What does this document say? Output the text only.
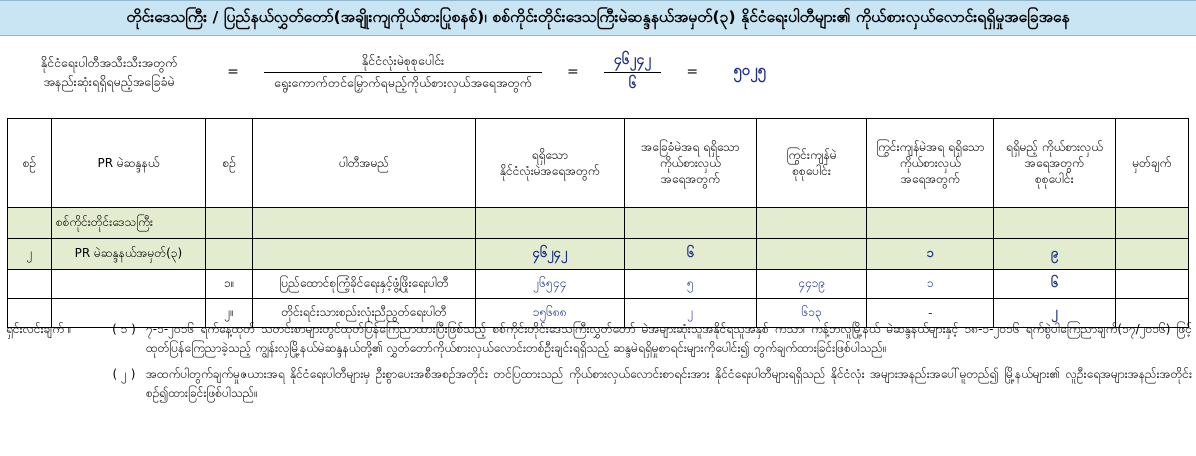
တိုင်းဒေသကြီး / ပြည်နယ်လွှတ်တော်(အချိုးကျကိုယ်စားပြုစနစ်)၊ စစ်ကိုင်းတိုင်းဒေသကြီးမဲဆန္ဒနယ်အမှတ်(၃) နိုင်ငံရေးပါတီများ၏ ကိုယ်စားလှယ်လောင်းရရှိမှုအခြေအနေ
နိုင်ငံရေးပါတီအသီးသီးအတွက်
အနည်းဆုံးရရှိရမည့်အခြေခံမဲ
=	$\frac{\text{နိုင်ငံလုံးမဲစုစုပေါင်း}}{\text{ရွေးကောက်တင်မြှောက်ရမည့်ကိုယ်စားလှယ်အရေအတွက်}}$	=	$\frac{၄၆၂၄၂}{၆}$	=	၅၀၂၅
စဉ်	PR မဲဆန္ဒနယ်	စဉ်	ပါတီအမည်	ရရှိသော
နိုင်ငံလုံးမဲအရေအတွက်	အခြေခံမဲအရ ရရှိသော
ကိုယ်စားလှယ်
အရေအတွက်	ကြွင်းကျန်မဲ
စုစုပေါင်း	ကြွင်းကျန်မဲအရ ရရှိသော
ကိုယ်စားလှယ်
အရေအတွက်	ရရှိမည့် ကိုယ်စားလှယ်
အရေအတွက်
စုစုပေါင်း	မှတ်ချက်
	စစ်ကိုင်းတိုင်းဒေသကြီး								
၂	PR မဲဆန္ဒနယ်အမှတ်(၃)			၄၆၂၄၂	၆		၁	၉	
		၁။	ပြည်ထောင်စုကြံ့ခိုင်ရေးနှင့်ဖွံ့ဖြိုးရေးပါတီ	၂၆၅၄၄	၅	၄၄၁၉	၁	၆	
		၂။	တိုင်းရင်းသားစည်းလုံးညီညွတ်ရေးပါတီ	၁၅၆၈၈	၂	၆၁၃	-	၂	
ရှင်းလင်းချက် ။	( ၁ ) ၇-၁-၂၀၁၆ ရက်နေ့ထုတ် သတင်းစာများတွင်ထုတ်ပြန်ကြေညာထားပြီးဖြစ်သည့် စစ်ကိုင်းတိုင်းဒေသကြီးလွှတ်တော် မဲအများဆုံးသူအနိုင်ရသူအနှစ် ကသာ၊ ကန့်ဘလူမြို့နယ် မဲဆန္ဒနယ်များနှင့် ၁၈-၁-၂၀၁၆ ရက်စွဲပါကြေညာချက်(၁၇/၂၀၁၆) ဖြင့် ထုတ်ပြန်ကြေညာခဲ့သည့် ကျွန်းလှမြို့နယ်မဲဆန္ဒနယ်တို့၏ လွှတ်တော်ကိုယ်စားလှယ်လောင်းတစ်ဦးချင်းရရှိသည့် ဆန္ဒမဲရရှိမှုစာရင်းများကိုပေါင်း၍ တွက်ချက်ထားခြင်းဖြစ်ပါသည်။
( ၂ ) အထက်ပါတွက်ချက်မှုဇယားအရ နိုင်ငံရေးပါတီများမှ ဦးစွာပေးအစီအစဉ်အတိုင်း တင်ပြထားသည် ကိုယ်စားလှယ်လောင်းစာရင်းအား နိုင်ငံရေးပါတီများရရှိသည် နိုင်ငံလုံး အများအနည်းအပေါ်မူတည်၍ မြို့နယ်များ၏ လူဦးရေအများအနည်းအတိုင်းစဉ်၍ထားခြင်းဖြစ်ပါသည်။
